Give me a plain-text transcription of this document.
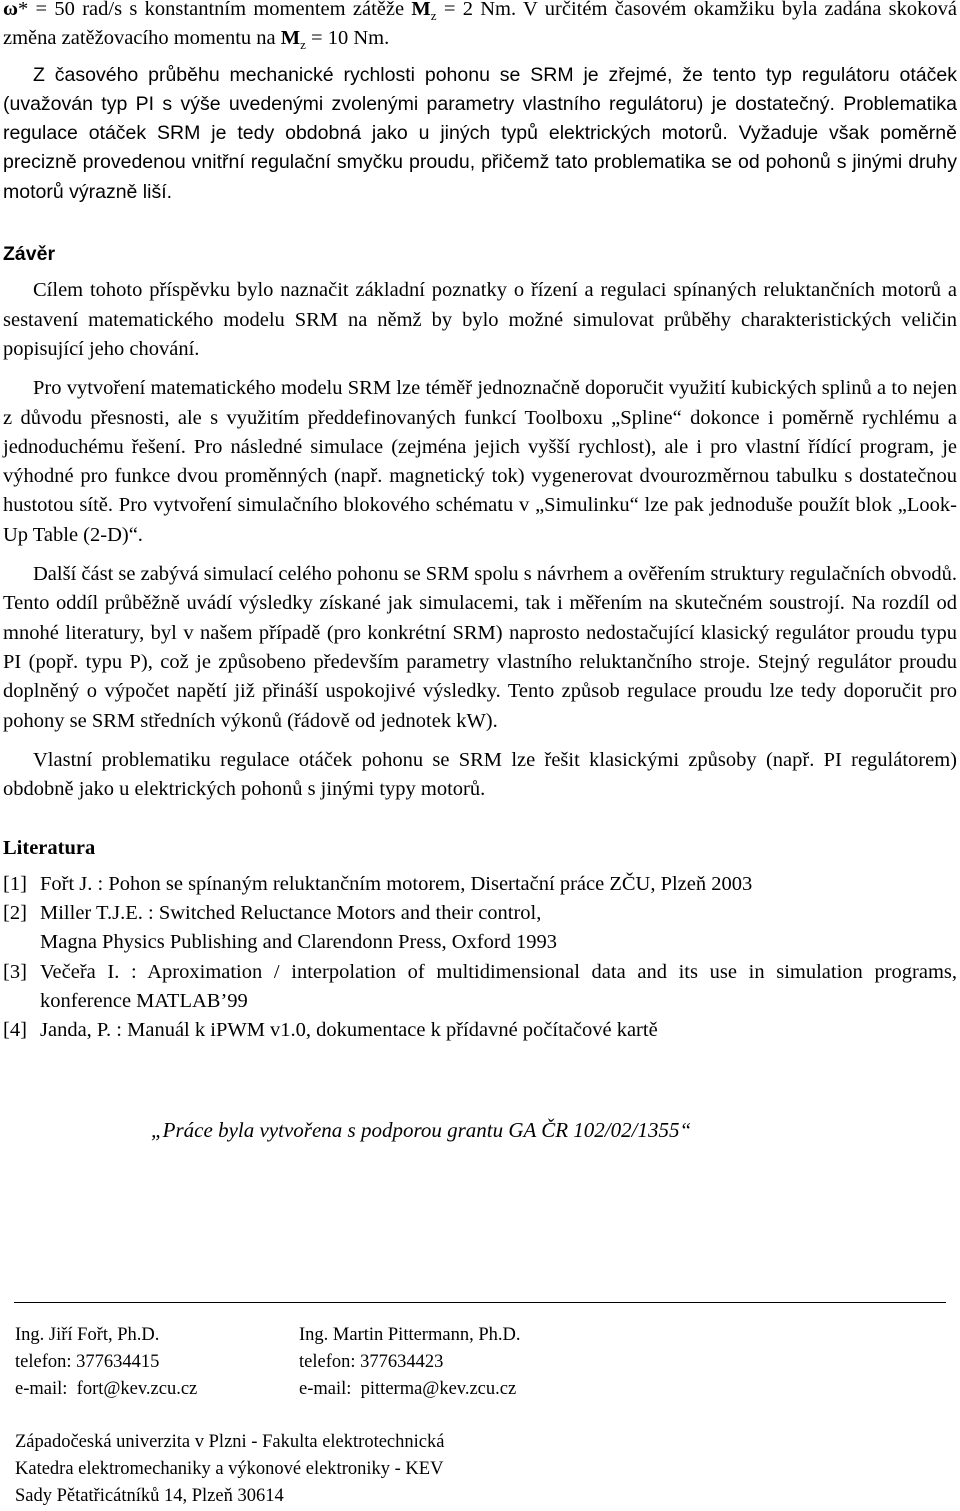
ω* = 50 rad/s s konstantním momentem zátěže $M_z = 2$ Nm. V určitém časovém okamžiku byla zadána skoková změna zatěžovacího momentu na $M_z = 10$ Nm.

Z časového průběhu mechanické rychlosti pohonu se SRM je zřejmé, že tento typ regulátoru otáček (uvažován typ PI s výše uvedenými zvolenými parametry vlastního regulátoru) je dostatečný. Problematika regulace otáček SRM je tedy obdobná jako u jiných typů elektrických motorů. Vyžaduje však poměrně precizně provedenou vnitřní regulační smyčku proudu, přičemž tato problematika se od pohonů s jinými druhy motorů výrazně liší.

Závěr

Cílem tohoto příspěvku bylo naznačit základní poznatky o řízení a regulaci spínaných reluktančních motorů a sestavení matematického modelu SRM na němž by bylo možné simulovat průběhy charakteristických veličin popisující jeho chování.

Pro vytvoření matematického modelu SRM lze téměř jednoznačně doporučit využití kubických splinů a to nejen z důvodu přesnosti, ale s využitím předdefinovaných funkcí Toolboxu „Spline“ dokonce i poměrně rychlému a jednoduchému řešení. Pro následné simulace (zejména jejich vyšší rychlost), ale i pro vlastní řídící program, je výhodné pro funkce dvou proměnných (např. magnetický tok) vygenerovat dvourozměrnou tabulku s dostatečnou hustotou sítě. Pro vytvoření simulačního blokového schématu v „Simulinku“ lze pak jednoduše použít blok „Look-Up Table (2-D)“.

Další část se zabývá simulací celého pohonu se SRM spolu s návrhem a ověřením struktury regulačních obvodů. Tento oddíl průběžně uvádí výsledky získané jak simulacemi, tak i měřením na skutečném soustrojí. Na rozdíl od mnohé literatury, byl v našem případě (pro konkrétní SRM) naprosto nedostačující klasický regulátor proudu typu PI (popř. typu P), což je způsobeno především parametry vlastního reluktančního stroje. Stejný regulátor proudu doplněný o výpočet napětí již přináší uspokojivé výsledky. Tento způsob regulace proudu lze tedy doporučit pro pohony se SRM středních výkonů (řádově od jednotek kW).

Vlastní problematiku regulace otáček pohonu se SRM lze řešit klasickými způsoby (např. PI regulátorem) obdobně jako u elektrických pohonů s jinými typy motorů.

Literatura

[1] Fořt J. : Pohon se spínaným reluktančním motorem, Disertační práce ZČU, Plzeň 2003
[2] Miller T.J.E. : Switched Reluctance Motors and their control,
Magna Physics Publishing and Clarendonn Press, Oxford 1993
[3] Večeřa I. : Aproximation / interpolation of multidimensional data and its use in simulation programs, konference MATLAB’99
[4] Janda, P. : Manuál k iPWM v1.0, dokumentace k přídavné počítačové kartě

„Práce byla vytvořena s podporou grantu GA ČR 102/02/1355“

Ing. Jiří Fořt, Ph.D.
telefon: 377634415
e-mail:  fort@kev.zcu.cz
Ing. Martin Pittermann, Ph.D.
telefon: 377634423
e-mail:  pitterma@kev.zcu.cz
Západočeská univerzita v Plzni - Fakulta elektrotechnická
Katedra elektromechaniky a výkonové elektroniky - KEV
Sady Pětatřicátníků 14, Plzeň 30614
